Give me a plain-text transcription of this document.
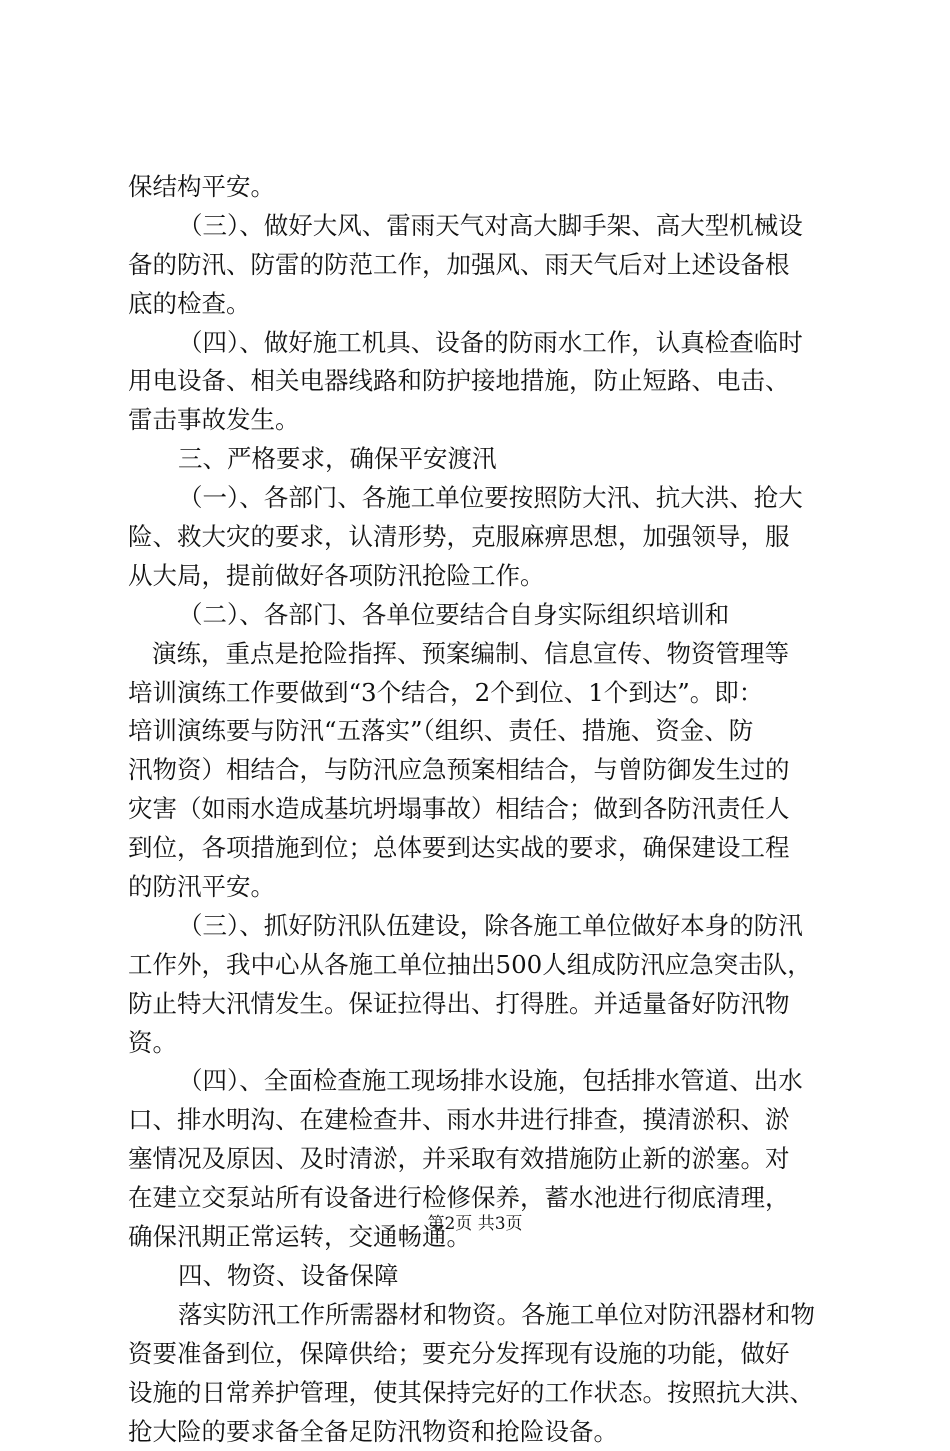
保结构平安。
（三）、做好大风、雷雨天气对高大脚手架、高大型机械设
备的防汛、防雷的防范工作，加强风、雨天气后对上述设备根
底的检查。
（四）、做好施工机具、设备的防雨水工作，认真检查临时
用电设备、相关电器线路和防护接地措施，防止短路、电击、
雷击事故发生。
三、严格要求，确保平安渡汛
（一）、各部门、各施工单位要按照防大汛、抗大洪、抢大
险、救大灾的要求，认清形势，克服麻痹思想，加强领导，服
从大局，提前做好各项防汛抢险工作。
（二）、各部门、各单位要结合自身实际组织培训和
演练，重点是抢险指挥、预案编制、信息宣传、物资管理等
培训演练工作要做到“3个结合，2个到位、1个到达”。即：
培训演练要与防汛“五落实”（组织、责任、措施、资金、防
汛物资）相结合，与防汛应急预案相结合，与曾防御发生过的
灾害（如雨水造成基坑坍塌事故）相结合；做到各防汛责任人
到位，各项措施到位；总体要到达实战的要求，确保建设工程
的防汛平安。
（三）、抓好防汛队伍建设，除各施工单位做好本身的防汛
工作外，我中心从各施工单位抽出500人组成防汛应急突击队，
防止特大汛情发生。保证拉得出、打得胜。并适量备好防汛物
资。
（四）、全面检查施工现场排水设施，包括排水管道、出水
口、排水明沟、在建检查井、雨水井进行排查，摸清淤积、淤
塞情况及原因、及时清淤，并采取有效措施防止新的淤塞。对
在建立交泵站所有设备进行检修保养，蓄水池进行彻底清理，
确保汛期正常运转，交通畅通。
四、物资、设备保障
落实防汛工作所需器材和物资。各施工单位对防汛器材和物
资要准备到位，保障供给；要充分发挥现有设施的功能，做好
设施的日常养护管理，使其保持完好的工作状态。按照抗大洪、
抢大险的要求备全备足防汛物资和抢险设备。
第2页 共3页
